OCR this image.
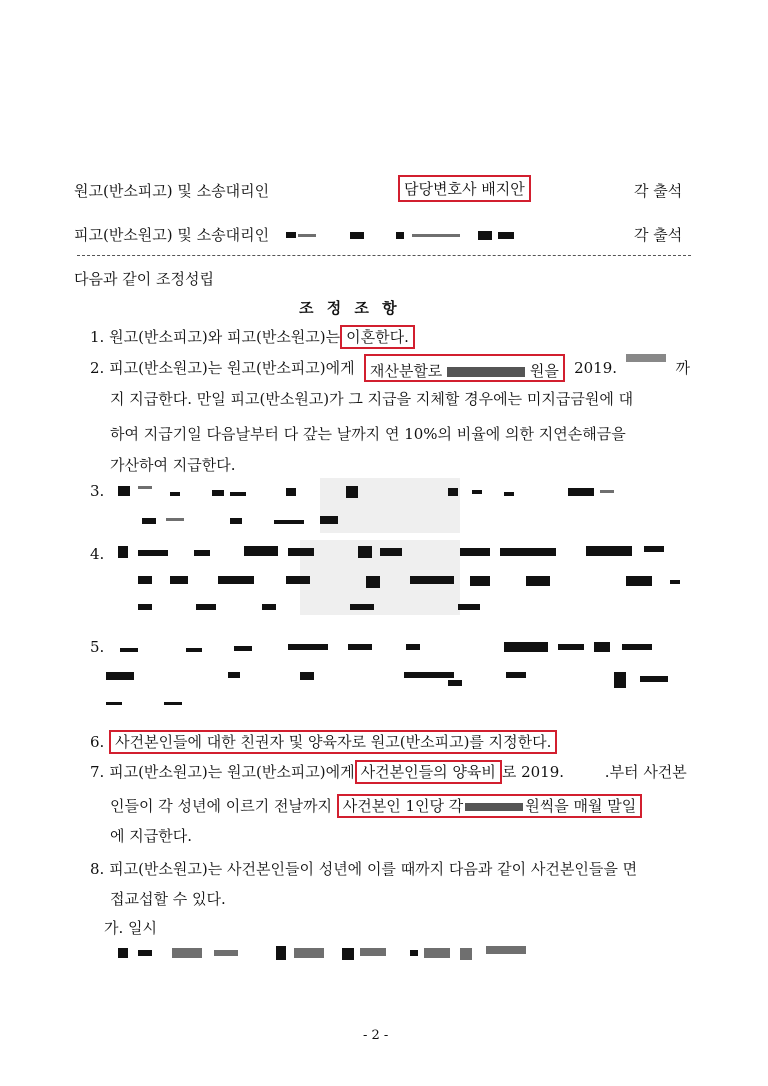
원고(반소피고) 및 소송대리인	담당변호사 배지안	각 출석
피고(반소원고) 및 소송대리인	각 출석
다음과 같이 조정성립
조 정 조 항
1. 원고(반소피고)와 피고(반소원고)는 이혼한다.
2. 피고(반소원고)는 원고(반소피고)에게	재산분할로	원을	2019.	까
지 지급한다. 만일 피고(반소원고)가 그 지급을 지체할 경우에는 미지급금원에 대
하여 지급기일 다음날부터 다 갚는 날까지 연 10%의 비율에 의한 지연손해금을
가산하여 지급한다.
3.
4.
5.
6. 사건본인들에 대한 친권자 및 양육자로 원고(반소피고)를 지정한다.
7. 피고(반소원고)는 원고(반소피고)에게 사건본인들의 양육비 로 2019.	.부터 사건본
인들이 각 성년에 이르기 전날까지 사건본인 1인당 각	원씩을 매월 말일
에 지급한다.
8. 피고(반소원고)는 사건본인들이 성년에 이를 때까지 다음과 같이 사건본인들을 면
접교섭할 수 있다.
가. 일시
- 2 -
